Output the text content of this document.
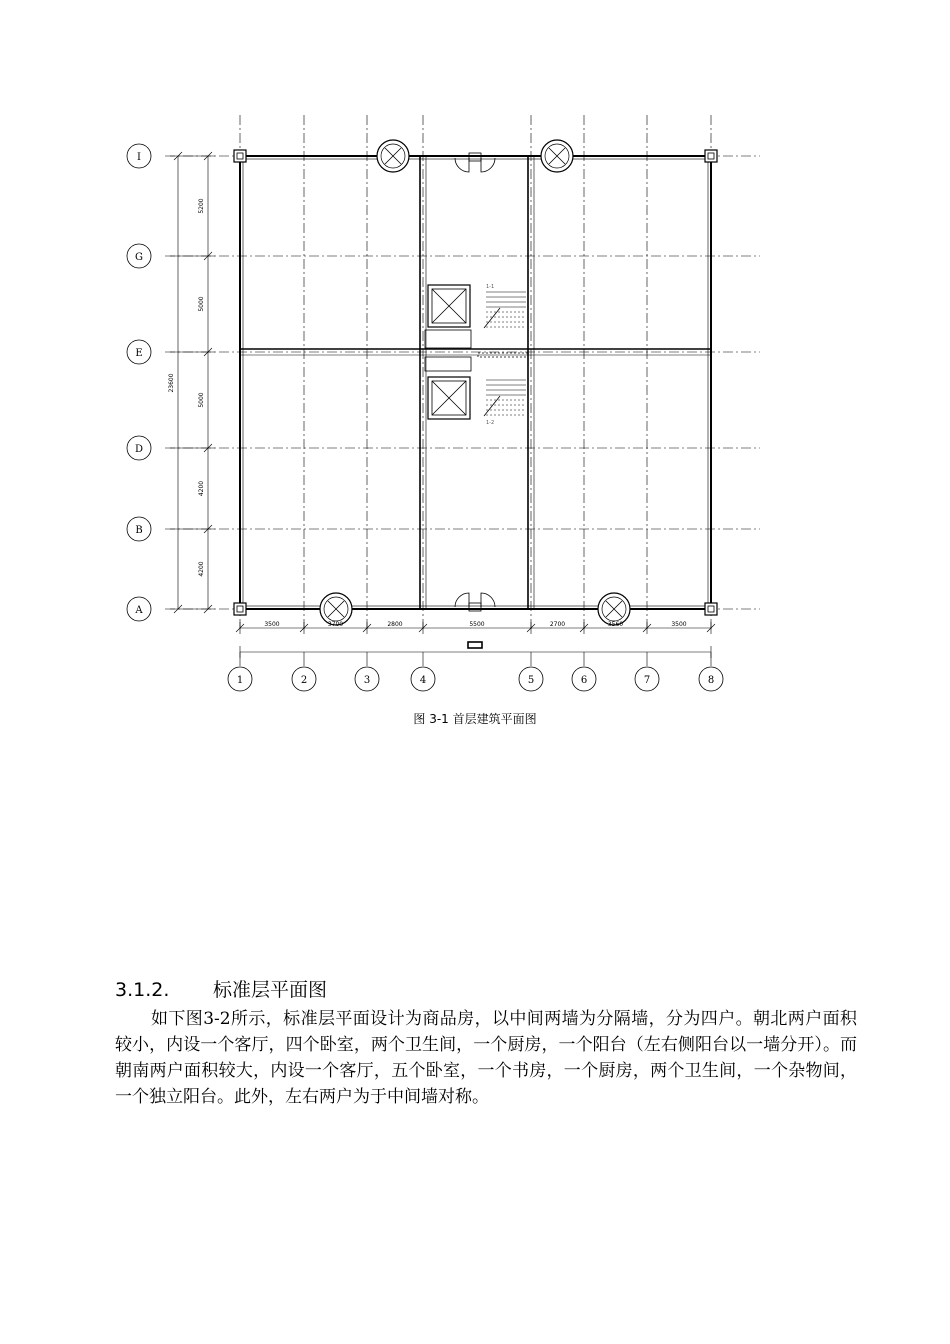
1-1
1-2
I
G
E
D
B
A
1	2	3	4	5	6	7	8
5200
5000
5000
4200
4200
23600
3500	3700	2800	5500	2700	3560	3500
图 3-1 首层建筑平面图
3.1.2. 标准层平面图

如下图3-2所示，标准层平面设计为商品房，以中间两墙为分隔墙，分为四户。朝北两户面积较小，内设一个客厅，四个卧室，两个卫生间，一个厨房，一个阳台（左右侧阳台以一墙分开）。而朝南两户面积较大，内设一个客厅，五个卧室，一个书房，一个厨房，两个卫生间，一个杂物间，一个独立阳台。此外，左右两户为于中间墙对称。
